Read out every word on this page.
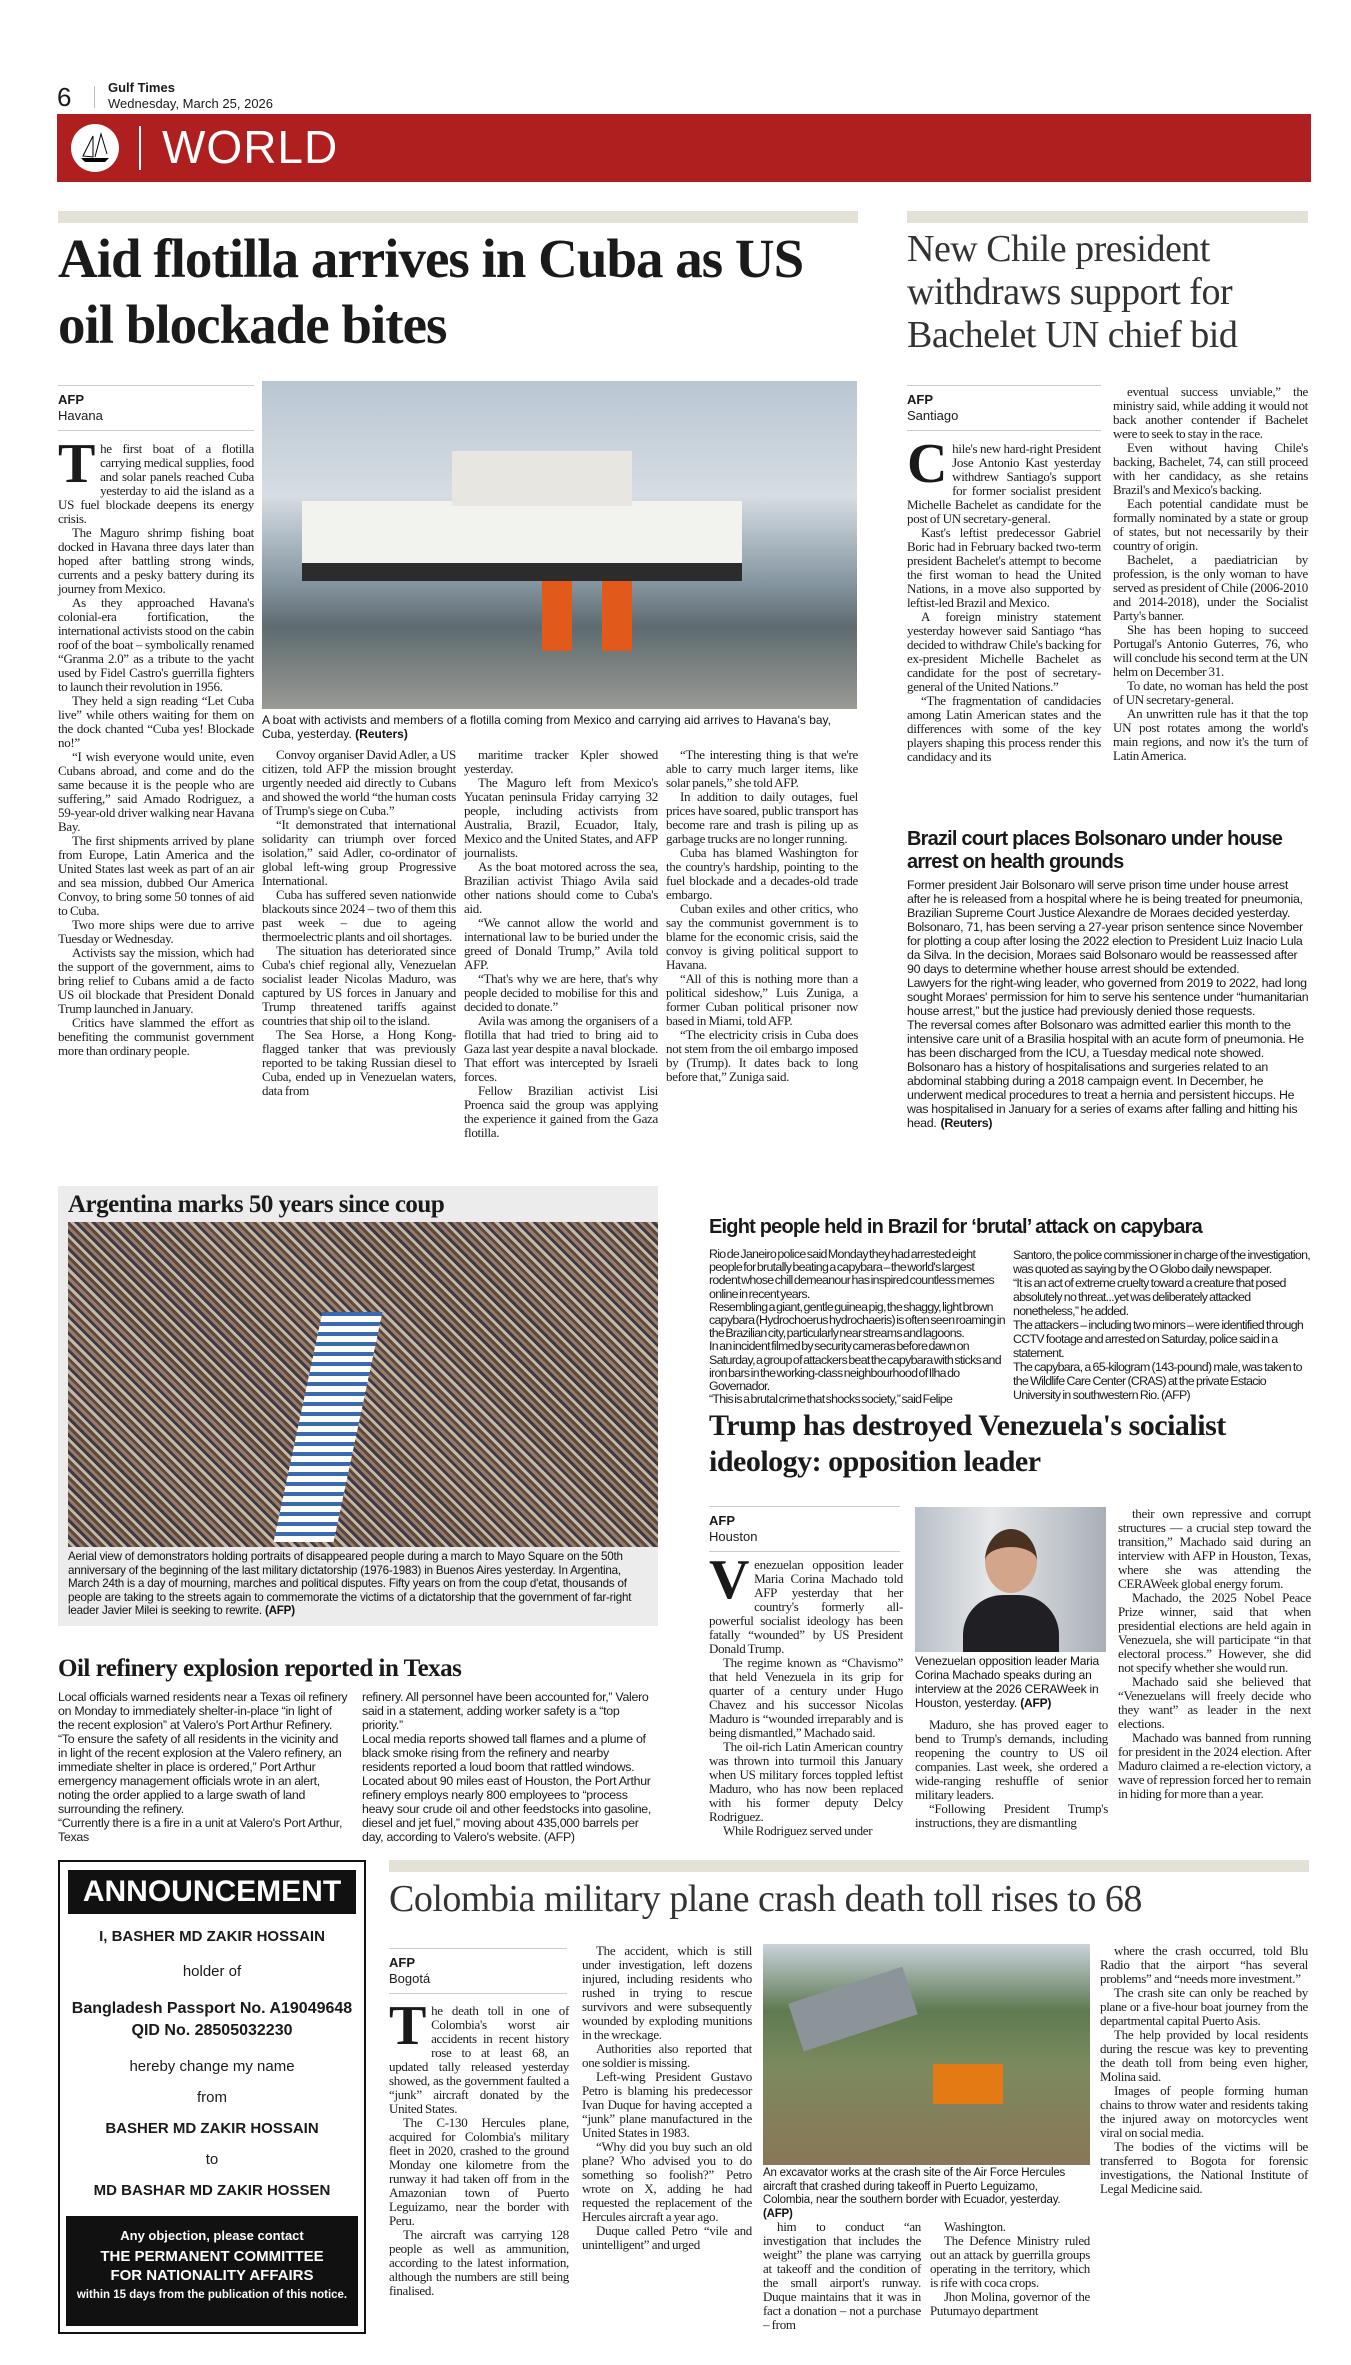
6	Gulf Times
Wednesday, March 25, 2026
WORLD
Aid flotilla arrives in Cuba as US oil blockade bites
AFP
Havana

The first boat of a flotilla carrying medical supplies, food and solar panels reached Cuba yesterday to aid the island as a US fuel blockade deepens its energy crisis.

The Maguro shrimp fishing boat docked in Havana three days later than hoped after battling strong winds, currents and a pesky battery during its journey from Mexico.

As they approached Havana's colonial-era fortification, the international activists stood on the cabin roof of the boat – symbolically renamed “Granma 2.0” as a tribute to the yacht used by Fidel Castro's guerrilla fighters to launch their revolution in 1956.

They held a sign reading “Let Cuba live” while others waiting for them on the dock chanted “Cuba yes! Blockade no!”

“I wish everyone would unite, even Cubans abroad, and come and do the same because it is the people who are suffering,” said Amado Rodriguez, a 59-year-old driver walking near Havana Bay.

The first shipments arrived by plane from Europe, Latin America and the United States last week as part of an air and sea mission, dubbed Our America Convoy, to bring some 50 tonnes of aid to Cuba.

Two more ships were due to arrive Tuesday or Wednesday.

Activists say the mission, which had the support of the government, aims to bring relief to Cubans amid a de facto US oil blockade that President Donald Trump launched in January.

Critics have slammed the effort as benefiting the communist government more than ordinary people.

A boat with activists and members of a flotilla coming from Mexico and carrying aid arrives to Havana's bay, Cuba, yesterday. (Reuters)

Convoy organiser David Adler, a US citizen, told AFP the mission brought urgently needed aid directly to Cubans and showed the world “the human costs of Trump's siege on Cuba.”

“It demonstrated that international solidarity can triumph over forced isolation,” said Adler, co-ordinator of global left-wing group Progressive International.

Cuba has suffered seven nationwide blackouts since 2024 – two of them this past week – due to ageing thermoelectric plants and oil shortages.

The situation has deteriorated since Cuba's chief regional ally, Venezuelan socialist leader Nicolas Maduro, was captured by US forces in January and Trump threatened tariffs against countries that ship oil to the island.

The Sea Horse, a Hong Kong-flagged tanker that was previously reported to be taking Russian diesel to Cuba, ended up in Venezuelan waters, data from

maritime tracker Kpler showed yesterday.

The Maguro left from Mexico's Yucatan peninsula Friday carrying 32 people, including activists from Australia, Brazil, Ecuador, Italy, Mexico and the United States, and AFP journalists.

As the boat motored across the sea, Brazilian activist Thiago Avila said other nations should come to Cuba's aid.

“We cannot allow the world and international law to be buried under the greed of Donald Trump,” Avila told AFP.

“That's why we are here, that's why people decided to mobilise for this and decided to donate.”

Avila was among the organisers of a flotilla that had tried to bring aid to Gaza last year despite a naval blockade. That effort was intercepted by Israeli forces.

Fellow Brazilian activist Lisi Proenca said the group was applying the experience it gained from the Gaza flotilla.

“The interesting thing is that we're able to carry much larger items, like solar panels,” she told AFP.

In addition to daily outages, fuel prices have soared, public transport has become rare and trash is piling up as garbage trucks are no longer running.

Cuba has blamed Washington for the country's hardship, pointing to the fuel blockade and a decades-old trade embargo.

Cuban exiles and other critics, who say the communist government is to blame for the economic crisis, said the convoy is giving political support to Havana.

“All of this is nothing more than a political sideshow,” Luis Zuniga, a former Cuban political prisoner now based in Miami, told AFP.

“The electricity crisis in Cuba does not stem from the oil embargo imposed by (Trump). It dates back to long before that,” Zuniga said.

New Chile president withdraws support for Bachelet UN chief bid
AFP
Santiago

Chile's new hard-right President Jose Antonio Kast yesterday withdrew Santiago's support for former socialist president Michelle Bachelet as candidate for the post of UN secretary-general.

Kast's leftist predecessor Gabriel Boric had in February backed two-term president Bachelet's attempt to become the first woman to head the United Nations, in a move also supported by leftist-led Brazil and Mexico.

A foreign ministry statement yesterday however said Santiago “has decided to withdraw Chile's backing for ex-president Michelle Bachelet as candidate for the post of secretary-general of the United Nations.”

“The fragmentation of candidacies among Latin American states and the differences with some of the key players shaping this process render this candidacy and its

eventual success unviable,” the ministry said, while adding it would not back another contender if Bachelet were to seek to stay in the race.

Even without having Chile's backing, Bachelet, 74, can still proceed with her candidacy, as she retains Brazil's and Mexico's backing.

Each potential candidate must be formally nominated by a state or group of states, but not necessarily by their country of origin.

Bachelet, a paediatrician by profession, is the only woman to have served as president of Chile (2006-2010 and 2014-2018), under the Socialist Party's banner.

She has been hoping to succeed Portugal's Antonio Guterres, 76, who will conclude his second term at the UN helm on December 31.

To date, no woman has held the post of UN secretary-general.

An unwritten rule has it that the top UN post rotates among the world's main regions, and now it's the turn of Latin America.

Brazil court places Bolsonaro under house arrest on health grounds

Former president Jair Bolsonaro will serve prison time under house arrest after he is released from a hospital where he is being treated for pneumonia, Brazilian Supreme Court Justice Alexandre de Moraes decided yesterday.

Bolsonaro, 71, has been serving a 27-year prison sentence since November for plotting a coup after losing the 2022 election to President Luiz Inacio Lula da Silva. In the decision, Moraes said Bolsonaro would be reassessed after 90 days to determine whether house arrest should be extended.

Lawyers for the right-wing leader, who governed from 2019 to 2022, had long sought Moraes' permission for him to serve his sentence under “humanitarian house arrest,” but the justice had previously denied those requests.

The reversal comes after Bolsonaro was admitted earlier this month to the intensive care unit of a Brasilia hospital with an acute form of pneumonia. He has been discharged from the ICU, a Tuesday medical note showed.

Bolsonaro has a history of hospitalisations and surgeries related to an abdominal stabbing during a 2018 campaign event. In December, he underwent medical procedures to treat a hernia and persistent hiccups. He was hospitalised in January for a series of exams after falling and hitting his head. (Reuters)

Argentina marks 50 years since coup
Aerial view of demonstrators holding portraits of disappeared people during a march to Mayo Square on the 50th anniversary of the beginning of the last military dictatorship (1976-1983) in Buenos Aires yesterday. In Argentina, March 24th is a day of mourning, marches and political disputes. Fifty years on from the coup d'etat, thousands of people are taking to the streets again to commemorate the victims of a dictatorship that the government of far-right leader Javier Milei is seeking to rewrite. (AFP)
Eight people held in Brazil for ‘brutal’ attack on capybara

Rio de Janeiro police said Monday they had arrested eight people for brutally beating a capybara – the world's largest rodent whose chill demeanour has inspired countless memes online in recent years.

Resembling a giant, gentle guinea pig, the shaggy, light brown capybara (Hydrochoerus hydrochaeris) is often seen roaming in the Brazilian city, particularly near streams and lagoons.

In an incident filmed by security cameras before dawn on Saturday, a group of attackers beat the capybara with sticks and iron bars in the working-class neighbourhood of Ilha do Governador.

“This is a brutal crime that shocks society,” said Felipe

Santoro, the police commissioner in charge of the investigation, was quoted as saying by the O Globo daily newspaper.

“It is an act of extreme cruelty toward a creature that posed absolutely no threat...yet was deliberately attacked nonetheless,” he added.

The attackers – including two minors – were identified through CCTV footage and arrested on Saturday, police said in a statement.

The capybara, a 65-kilogram (143-pound) male, was taken to the Wildlife Care Center (CRAS) at the private Estacio University in southwestern Rio. (AFP)

Trump has destroyed Venezuela's socialist ideology: opposition leader
AFP
Houston

Venezuelan opposition leader Maria Corina Machado told AFP yesterday that her country's formerly all-powerful socialist ideology has been fatally “wounded” by US President Donald Trump.

The regime known as “Chavismo” that held Venezuela in its grip for quarter of a century under Hugo Chavez and his successor Nicolas Maduro is “wounded irreparably and is being dismantled,” Machado said.

The oil-rich Latin American country was thrown into turmoil this January when US military forces toppled leftist Maduro, who has now been replaced with his former deputy Delcy Rodriguez.

While Rodriguez served under

Venezuelan opposition leader Maria Corina Machado speaks during an interview at the 2026 CERAWeek in Houston, yesterday. (AFP)

Maduro, she has proved eager to bend to Trump's demands, including reopening the country to US oil companies. Last week, she ordered a wide-ranging reshuffle of senior military leaders.

“Following President Trump's instructions, they are dismantling

their own repressive and corrupt structures — a crucial step toward the transition,” Machado said during an interview with AFP in Houston, Texas, where she was attending the CERAWeek global energy forum.

Machado, the 2025 Nobel Peace Prize winner, said that when presidential elections are held again in Venezuela, she will participate “in that electoral process.” However, she did not specify whether she would run.

Machado said she believed that “Venezuelans will freely decide who they want” as leader in the next elections.

Machado was banned from running for president in the 2024 election. After Maduro claimed a re-election victory, a wave of repression forced her to remain in hiding for more than a year.

Oil refinery explosion reported in Texas

Local officials warned residents near a Texas oil refinery on Monday to immediately shelter-in-place “in light of the recent explosion” at Valero's Port Arthur Refinery.

“To ensure the safety of all residents in the vicinity and in light of the recent explosion at the Valero refinery, an immediate shelter in place is ordered,” Port Arthur emergency management officials wrote in an alert, noting the order applied to a large swath of land surrounding the refinery.

“Currently there is a fire in a unit at Valero's Port Arthur, Texas

refinery. All personnel have been accounted for,” Valero said in a statement, adding worker safety is a “top priority.”

Local media reports showed tall flames and a plume of black smoke rising from the refinery and nearby residents reported a loud boom that rattled windows.

Located about 90 miles east of Houston, the Port Arthur refinery employs nearly 800 employees to “process heavy sour crude oil and other feedstocks into gasoline, diesel and jet fuel,” moving about 435,000 barrels per day, according to Valero's website. (AFP)

ANNOUNCEMENT

I, BASHER MD ZAKIR HOSSAIN

holder of

Bangladesh Passport No. A19049648

QID No. 28505032230

hereby change my name

from

BASHER MD ZAKIR HOSSAIN

to

MD BASHAR MD ZAKIR HOSSEN

Any objection, please contact

THE PERMANENT COMMITTEE FOR NATIONALITY AFFAIRS

within 15 days from the publication of this notice.

Colombia military plane crash death toll rises to 68
AFP
Bogotá

The death toll in one of Colombia's worst air accidents in recent history rose to at least 68, an updated tally released yesterday showed, as the government faulted a “junk” aircraft donated by the United States.

The C-130 Hercules plane, acquired for Colombia's military fleet in 2020, crashed to the ground Monday one kilometre from the runway it had taken off from in the Amazonian town of Puerto Leguizamo, near the border with Peru.

The aircraft was carrying 128 people as well as ammunition, according to the latest information, although the numbers are still being finalised.

The accident, which is still under investigation, left dozens injured, including residents who rushed in trying to rescue survivors and were subsequently wounded by exploding munitions in the wreckage.

Authorities also reported that one soldier is missing.

Left-wing President Gustavo Petro is blaming his predecessor Ivan Duque for having accepted a “junk” plane manufactured in the United States in 1983.

“Why did you buy such an old plane? Who advised you to do something so foolish?” Petro wrote on X, adding he had requested the replacement of the Hercules aircraft a year ago.

Duque called Petro “vile and unintelligent” and urged

An excavator works at the crash site of the Air Force Hercules aircraft that crashed during takeoff in Puerto Leguizamo, Colombia, near the southern border with Ecuador, yesterday. (AFP)

him to conduct “an investigation that includes the weight” the plane was carrying at takeoff and the condition of the small airport's runway. Duque maintains that it was in fact a donation – not a purchase – from

Washington.

The Defence Ministry ruled out an attack by guerrilla groups operating in the territory, which is rife with coca crops.

Jhon Molina, governor of the Putumayo department

where the crash occurred, told Blu Radio that the airport “has several problems” and “needs more investment.”

The crash site can only be reached by plane or a five-hour boat journey from the departmental capital Puerto Asis.

The help provided by local residents during the rescue was key to preventing the death toll from being even higher, Molina said.

Images of people forming human chains to throw water and residents taking the injured away on motorcycles went viral on social media.

The bodies of the victims will be transferred to Bogota for forensic investigations, the National Institute of Legal Medicine said.
